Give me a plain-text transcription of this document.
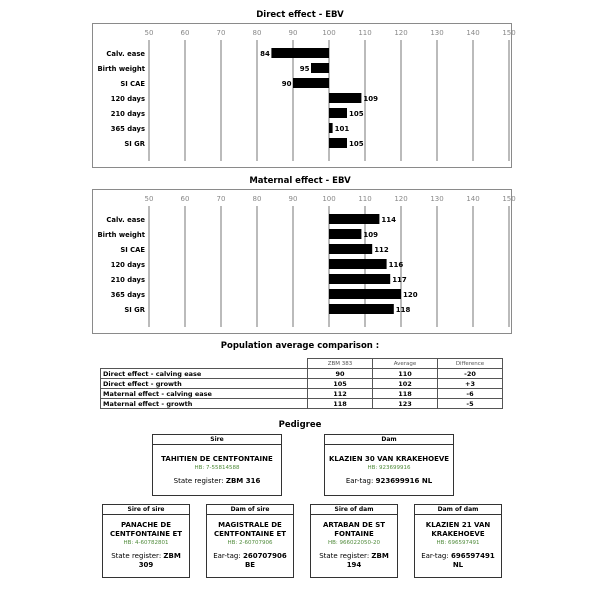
Direct effect - EBV
50	60	70	80	90	100	110	120	130	140	150
Calv. ease	84
Birth weight	95
SI CAE	90
120 days	109
210 days	105
365 days	101
SI GR	105
Maternal effect - EBV
50	60	70	80	90	100	110	120	130	140	150
Calv. ease	114
Birth weight	109
SI CAE	112
120 days	116
210 days	117
365 days	120
SI GR	118
Population average comparison :
	ZBM 383	Average	Difference
Direct effect - calving ease	90	110	-20
Direct effect - growth	105	102	+3
Maternal effect - calving ease	112	118	-6
Maternal effect - growth	118	123	-5
Pedigree
Sire
TAHITIEN DE CENTFONTAINE
HB: 7-55814588
State register: ZBM 316
Dam
KLAZIEN 30 VAN KRAKEHOEVE
HB: 923699916
Ear-tag: 923699916 NL
Sire of sire
PANACHE DE CENTFONTAINE ET
HB: 4-60782801
State register: ZBM 309
Dam of sire
MAGISTRALE DE CENTFONTAINE ET
HB: 2-60707906
Ear-tag: 260707906 BE
Sire of dam
ARTABAN DE ST FONTAINE
HB: 966022050-20
State register: ZBM 194
Dam of dam
KLAZIEN 21 VAN KRAKEHOEVE
HB: 696597491
Ear-tag: 696597491 NL
